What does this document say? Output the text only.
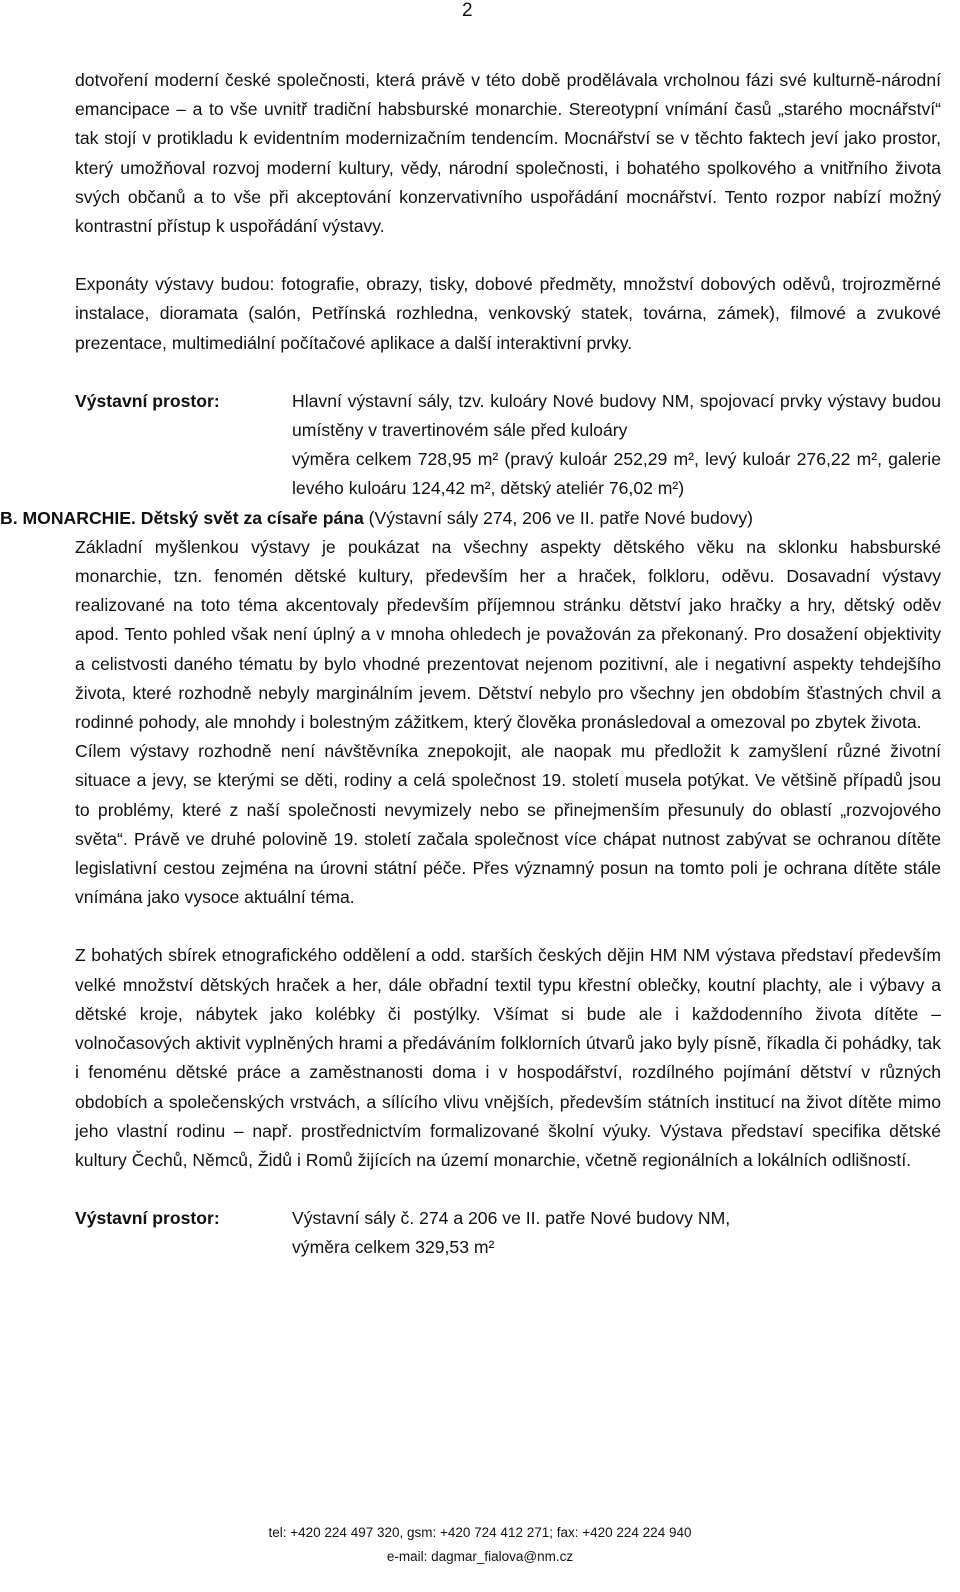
2

dotvoření moderní české společnosti, která právě v této době prodělávala vrcholnou fázi své kulturně-národní emancipace – a to vše uvnitř tradiční habsburské monarchie. Stereotypní vnímání časů „starého mocnářství“ tak stojí v protikladu k evidentním modernizačním tendencím. Mocnářství se v těchto faktech jeví jako prostor, který umožňoval rozvoj moderní kultury, vědy, národní společnosti, i bohatého spolkového a vnitřního života svých občanů a to vše při akceptování konzervativního uspořádání mocnářství. Tento rozpor nabízí možný kontrastní přístup k uspořádání výstavy.

Exponáty výstavy budou: fotografie, obrazy, tisky, dobové předměty, množství dobových oděvů, trojrozměrné instalace, dioramata (salón, Petřínská rozhledna, venkovský statek, továrna, zámek), filmové a zvukové prezentace, multimediální počítačové aplikace a další interaktivní prvky.

Výstavní prostor:	Hlavní výstavní sály, tzv. kuloáry Nové budovy NM, spojovací prvky výstavy budou umístěny v travertinovém sále před kuloáry
výměra celkem 728,95 m² (pravý kuloár 252,29 m², levý kuloár 276,22 m², galerie levého kuloáru 124,42 m², dětský ateliér 76,02 m²)
B. MONARCHIE. Dětský svět za císaře pána (Výstavní sály 274, 206 ve II. patře Nové budovy)

Základní myšlenkou výstavy je poukázat na všechny aspekty dětského věku na sklonku habsburské monarchie, tzn. fenomén dětské kultury, především her a hraček, folkloru, oděvu. Dosavadní výstavy realizované na toto téma akcentovaly především příjemnou stránku dětství jako hračky a hry, dětský oděv apod. Tento pohled však není úplný a v mnoha ohledech je považován za překonaný. Pro dosažení objektivity a celistvosti daného tématu by bylo vhodné prezentovat nejenom pozitivní, ale i negativní aspekty tehdejšího života, které rozhodně nebyly marginálním jevem. Dětství nebylo pro všechny jen obdobím šťastných chvil a rodinné pohody, ale mnohdy i bolestným zážitkem, který člověka pronásledoval a omezoval po zbytek života.

Cílem výstavy rozhodně není návštěvníka znepokojit, ale naopak mu předložit k zamyšlení různé životní situace a jevy, se kterými se děti, rodiny a celá společnost 19. století musela potýkat. Ve většině případů jsou to problémy, které z naší společnosti nevymizely nebo se přinejmenším přesunuly do oblastí „rozvojového světa“. Právě ve druhé polovině 19. století začala společnost více chápat nutnost zabývat se ochranou dítěte legislativní cestou zejména na úrovni státní péče. Přes významný posun na tomto poli je ochrana dítěte stále vnímána jako vysoce aktuální téma.

Z bohatých sbírek etnografického oddělení a odd. starších českých dějin HM NM výstava představí především velké množství dětských hraček a her, dále obřadní textil typu křestní oblečky, koutní plachty, ale i výbavy a dětské kroje, nábytek jako kolébky či postýlky. Všímat si bude ale i každodenního života dítěte – volnočasových aktivit vyplněných hrami a předáváním folklorních útvarů jako byly písně, říkadla či pohádky, tak i fenoménu dětské práce a zaměstnanosti doma i v hospodářství, rozdílného pojímání dětství v různých obdobích a společenských vrstvách, a sílícího vlivu vnějších, především státních institucí na život dítěte mimo jeho vlastní rodinu – např. prostřednictvím formalizované školní výuky. Výstava představí specifika dětské kultury Čechů, Němců, Židů i Romů žijících na území monarchie, včetně regionálních a lokálních odlišností.

Výstavní prostor:	Výstavní sály č. 274 a 206 ve II. patře Nové budovy NM,
výměra celkem 329,53 m²
tel: +420 224 497 320, gsm: +420 724 412 271; fax: +420 224 224 940
e-mail: dagmar_fialova@nm.cz
